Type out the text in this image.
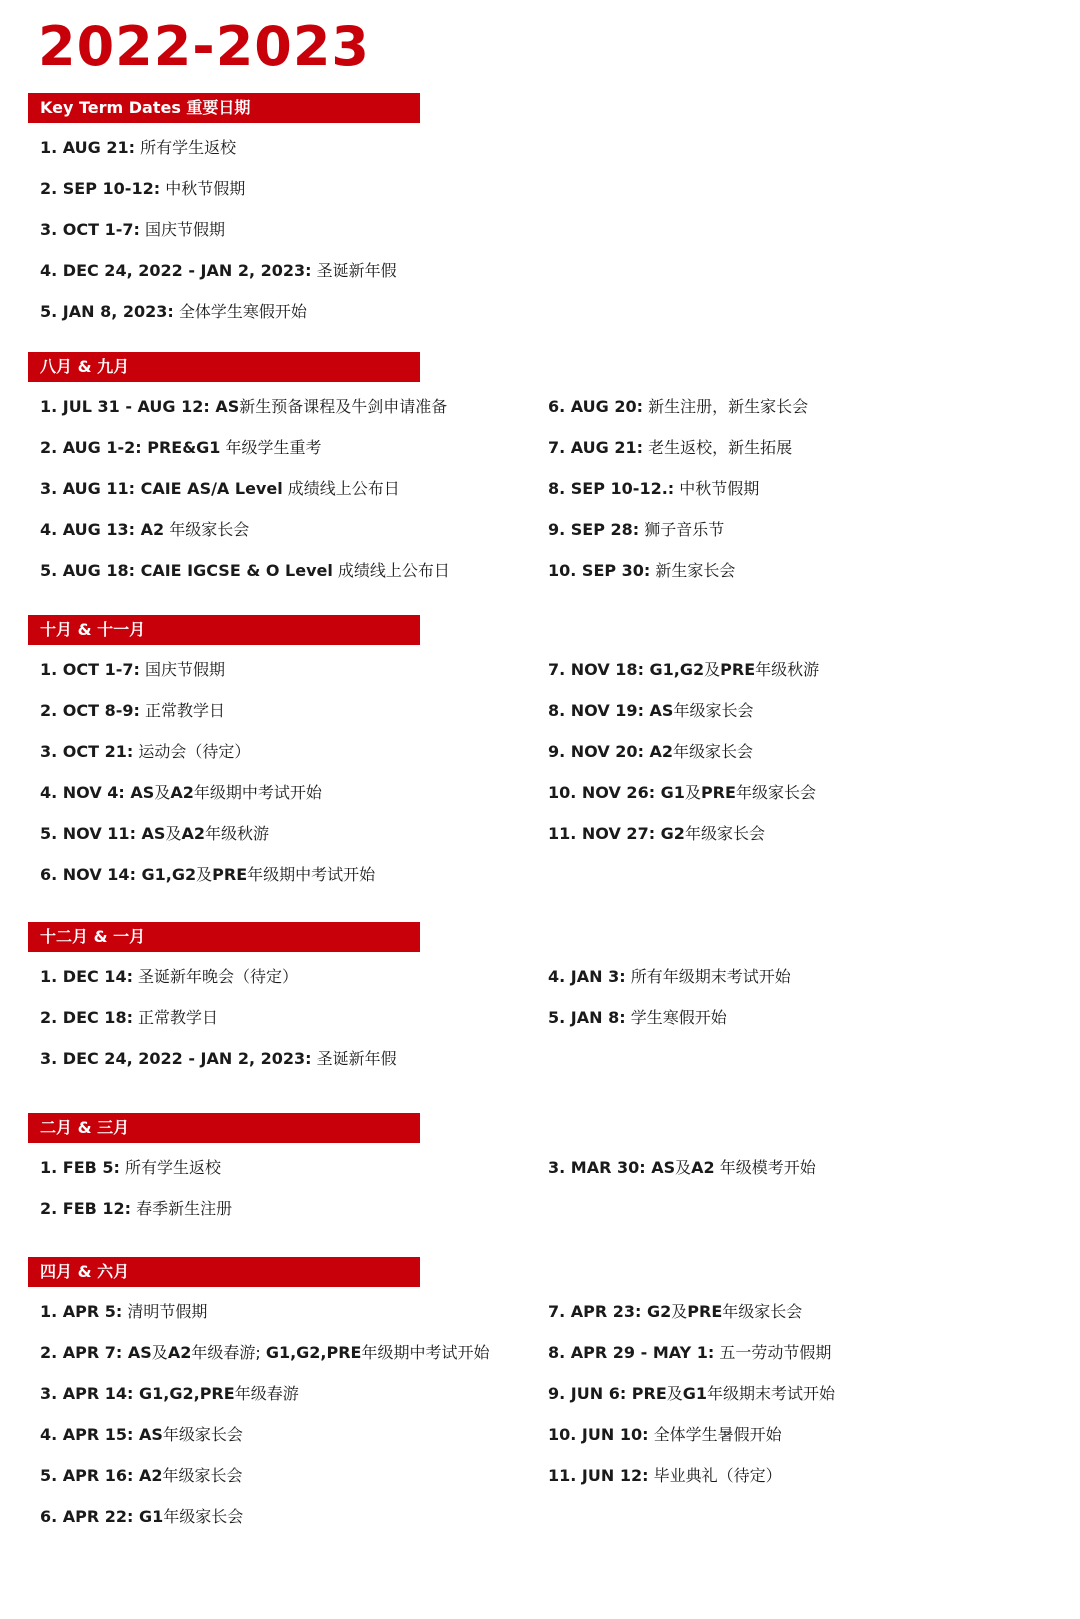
2022-2023
Key Term Dates 重要日期
1. AUG 21: 所有学生返校
2. SEP 10-12: 中秋节假期
3. OCT 1-7: 国庆节假期
4. DEC 24, 2022 - JAN 2, 2023: 圣诞新年假
5. JAN 8, 2023: 全体学生寒假开始
八月 & 九月
1. JUL 31 - AUG 12: AS新生预备课程及牛剑申请准备
2. AUG 1-2: PRE&G1 年级学生重考
3. AUG 11: CAIE AS/A Level 成绩线上公布日
4. AUG 13: A2 年级家长会
5. AUG 18: CAIE IGCSE & O Level 成绩线上公布日
6. AUG 20: 新生注册，新生家长会
7. AUG 21: 老生返校，新生拓展
8. SEP 10-12.: 中秋节假期
9. SEP 28: 狮子音乐节
10. SEP 30: 新生家长会
十月 & 十一月
1. OCT 1-7: 国庆节假期
2. OCT 8-9: 正常教学日
3. OCT 21: 运动会（待定）
4. NOV 4: AS及A2年级期中考试开始
5. NOV 11: AS及A2年级秋游
6. NOV 14: G1,G2及PRE年级期中考试开始
7. NOV 18: G1,G2及PRE年级秋游
8. NOV 19: AS年级家长会
9. NOV 20: A2年级家长会
10. NOV 26: G1及PRE年级家长会
11. NOV 27: G2年级家长会
十二月 & 一月
1. DEC 14: 圣诞新年晚会（待定）
2. DEC 18: 正常教学日
3. DEC 24, 2022 - JAN 2, 2023: 圣诞新年假
4. JAN 3: 所有年级期末考试开始
5. JAN 8: 学生寒假开始
二月 & 三月
1. FEB 5: 所有学生返校
2. FEB 12: 春季新生注册
3. MAR 30: AS及A2 年级模考开始
四月 & 六月
1. APR 5: 清明节假期
2. APR 7: AS及A2年级春游; G1,G2,PRE年级期中考试开始
3. APR 14: G1,G2,PRE年级春游
4. APR 15: AS年级家长会
5. APR 16: A2年级家长会
6. APR 22: G1年级家长会
7. APR 23: G2及PRE年级家长会
8. APR 29 - MAY 1: 五一劳动节假期
9. JUN 6: PRE及G1年级期末考试开始
10. JUN 10: 全体学生暑假开始
11. JUN 12: 毕业典礼（待定）
